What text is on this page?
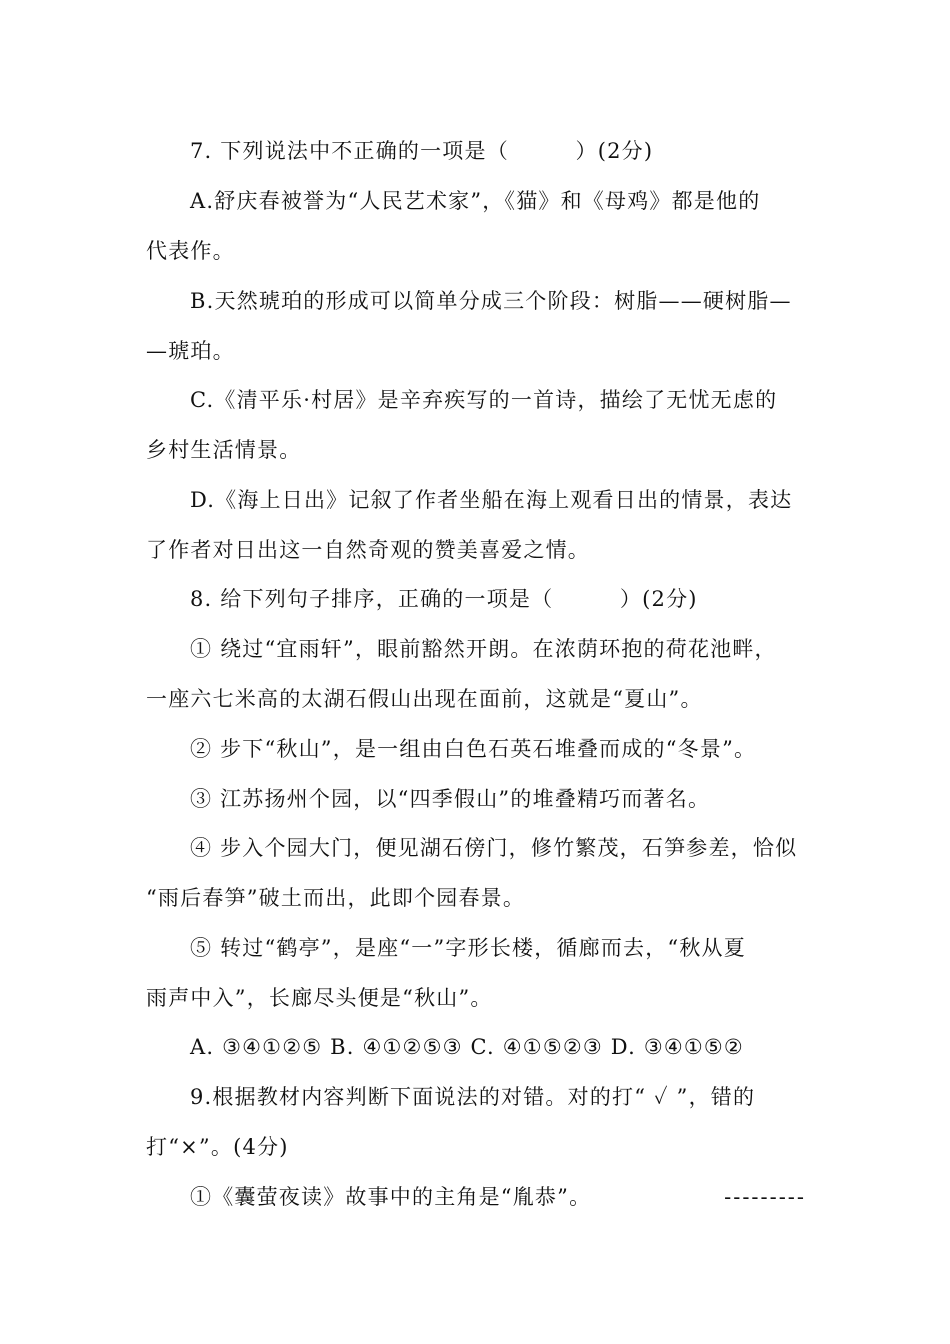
7. 下列说法中不正确的一项是（　　　）(2分)
A.舒庆春被誉为“人民艺术家”，《猫》和《母鸡》都是他的
代表作。
B.天然琥珀的形成可以简单分成三个阶段：树脂——硬树脂—
—琥珀。
C.《清平乐·村居》是辛弃疾写的一首诗，描绘了无忧无虑的
乡村生活情景。
D.《海上日出》记叙了作者坐船在海上观看日出的情景，表达
了作者对日出这一自然奇观的赞美喜爱之情。
8. 给下列句子排序，正确的一项是（　　　）(2分)
① 绕过“宜雨轩”，眼前豁然开朗。在浓荫环抱的荷花池畔，
一座六七米高的太湖石假山出现在面前，这就是“夏山”。
② 步下“秋山”，是一组由白色石英石堆叠而成的“冬景”。
③ 江苏扬州个园，以“四季假山”的堆叠精巧而著名。
④ 步入个园大门，便见湖石傍门，修竹繁茂，石笋参差，恰似
“雨后春笋”破土而出，此即个园春景。
⑤ 转过“鹤亭”，是座“一”字形长楼，循廊而去，“秋从夏
雨声中入”，长廊尽头便是“秋山”。
A. ③④①②⑤ B. ④①②⑤③ C. ④①⑤②③ D. ③④①⑤②
9.根据教材内容判断下面说法的对错。对的打“ ✓ ”，错的
打“×”。(4分)
①《囊萤夜读》故事中的主角是“胤恭”。	---------
